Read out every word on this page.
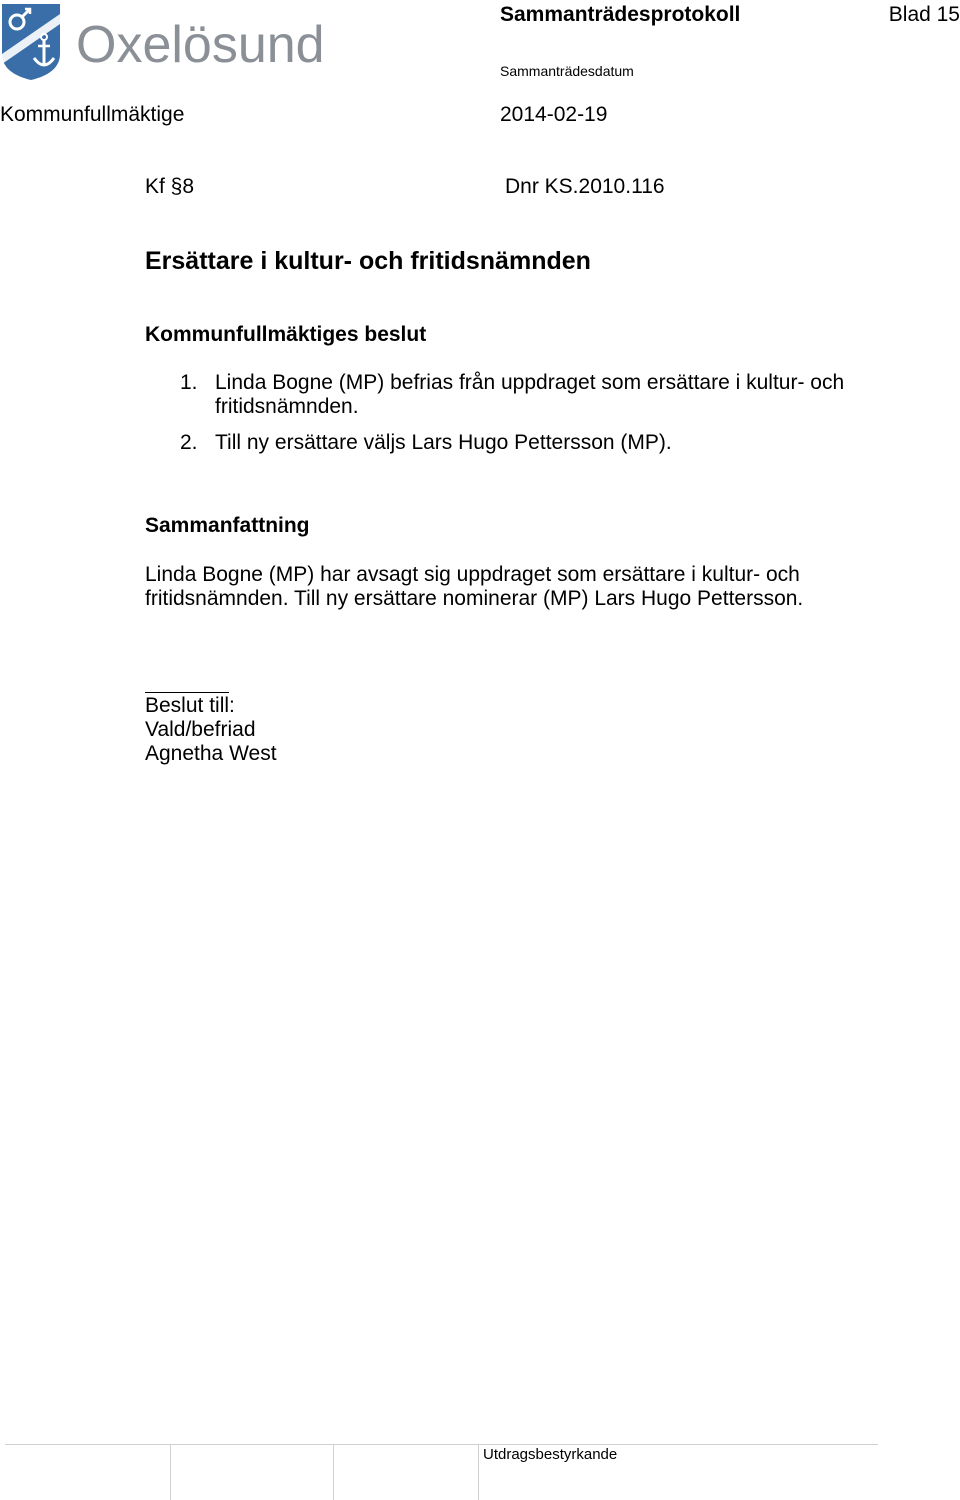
Oxelösund
Sammanträdesprotokoll	Blad 15
Sammanträdesdatum
Kommunfullmäktige	2014-02-19
Kf §8	Dnr KS.2010.116
Ersättare i kultur- och fritidsnämnden
Kommunfullmäktiges beslut
1. Linda Bogne (MP) befrias från uppdraget som ersättare i kultur- och fritidsnämnden.
2. Till ny ersättare väljs Lars Hugo Pettersson (MP).
Sammanfattning
Linda Bogne (MP) har avsagt sig uppdraget som ersättare i kultur- och fritidsnämnden. Till ny ersättare nominerar (MP) Lars Hugo Pettersson.
Beslut till:
Vald/befriad
Agnetha West
Utdragsbestyrkande
